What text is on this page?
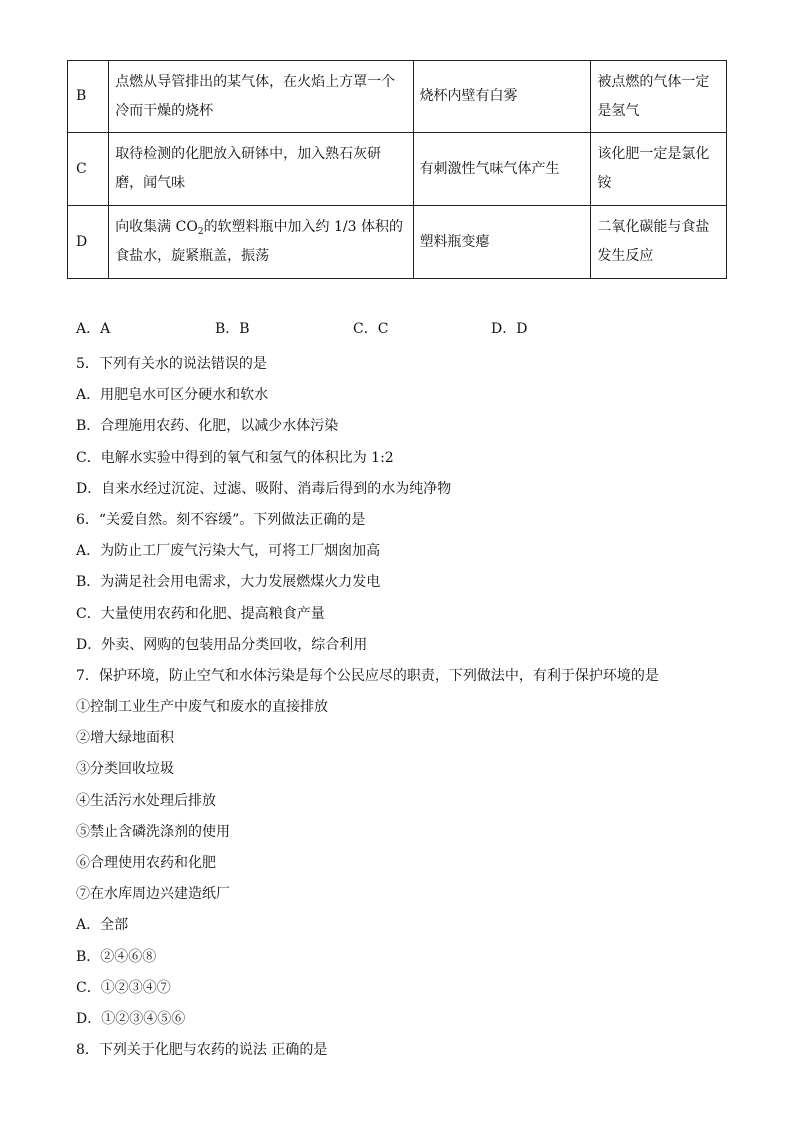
B	点燃从导管排出的某气体，在火焰上方罩一个冷而干燥的烧杯	烧杯内壁有白雾	被点燃的气体一定是氢气
C	取待检测的化肥放入研钵中，加入熟石灰研磨，闻气味	有刺激性气味气体产生	该化肥一定是氯化铵
D	向收集满 $CO_2$的软塑料瓶中加入约 1/3 体积的食盐水，旋紧瓶盖，振荡	塑料瓶变瘪	二氧化碳能与食盐发生反应
A．A	B．B	C．C	D．D
5．下列有关水的说法错误的是
A．用肥皂水可区分硬水和软水
B．合理施用农药、化肥，以减少水体污染
C．电解水实验中得到的氧气和氢气的体积比为 1:2
D．自来水经过沉淀、过滤、吸附、消毒后得到的水为纯净物
6．“关爱自然。刻不容缓”。下列做法正确的是
A．为防止工厂废气污染大气，可将工厂烟囱加高
B．为满足社会用电需求，大力发展燃煤火力发电
C．大量使用农药和化肥、提高粮食产量
D．外卖、网购的包装用品分类回收，综合利用
7．保护环境，防止空气和水体污染是每个公民应尽的职责，下列做法中，有利于保护环境的是
①控制工业生产中废气和废水的直接排放
②增大绿地面积
③分类回收垃圾
④生活污水处理后排放
⑤禁止含磷洗涤剂的使用
⑥合理使用农药和化肥
⑦在水库周边兴建造纸厂
A．全部
B．②④⑥⑧
C．①②③④⑦
D．①②③④⑤⑥
8．下列关于化肥与农药的说法 正确的是
